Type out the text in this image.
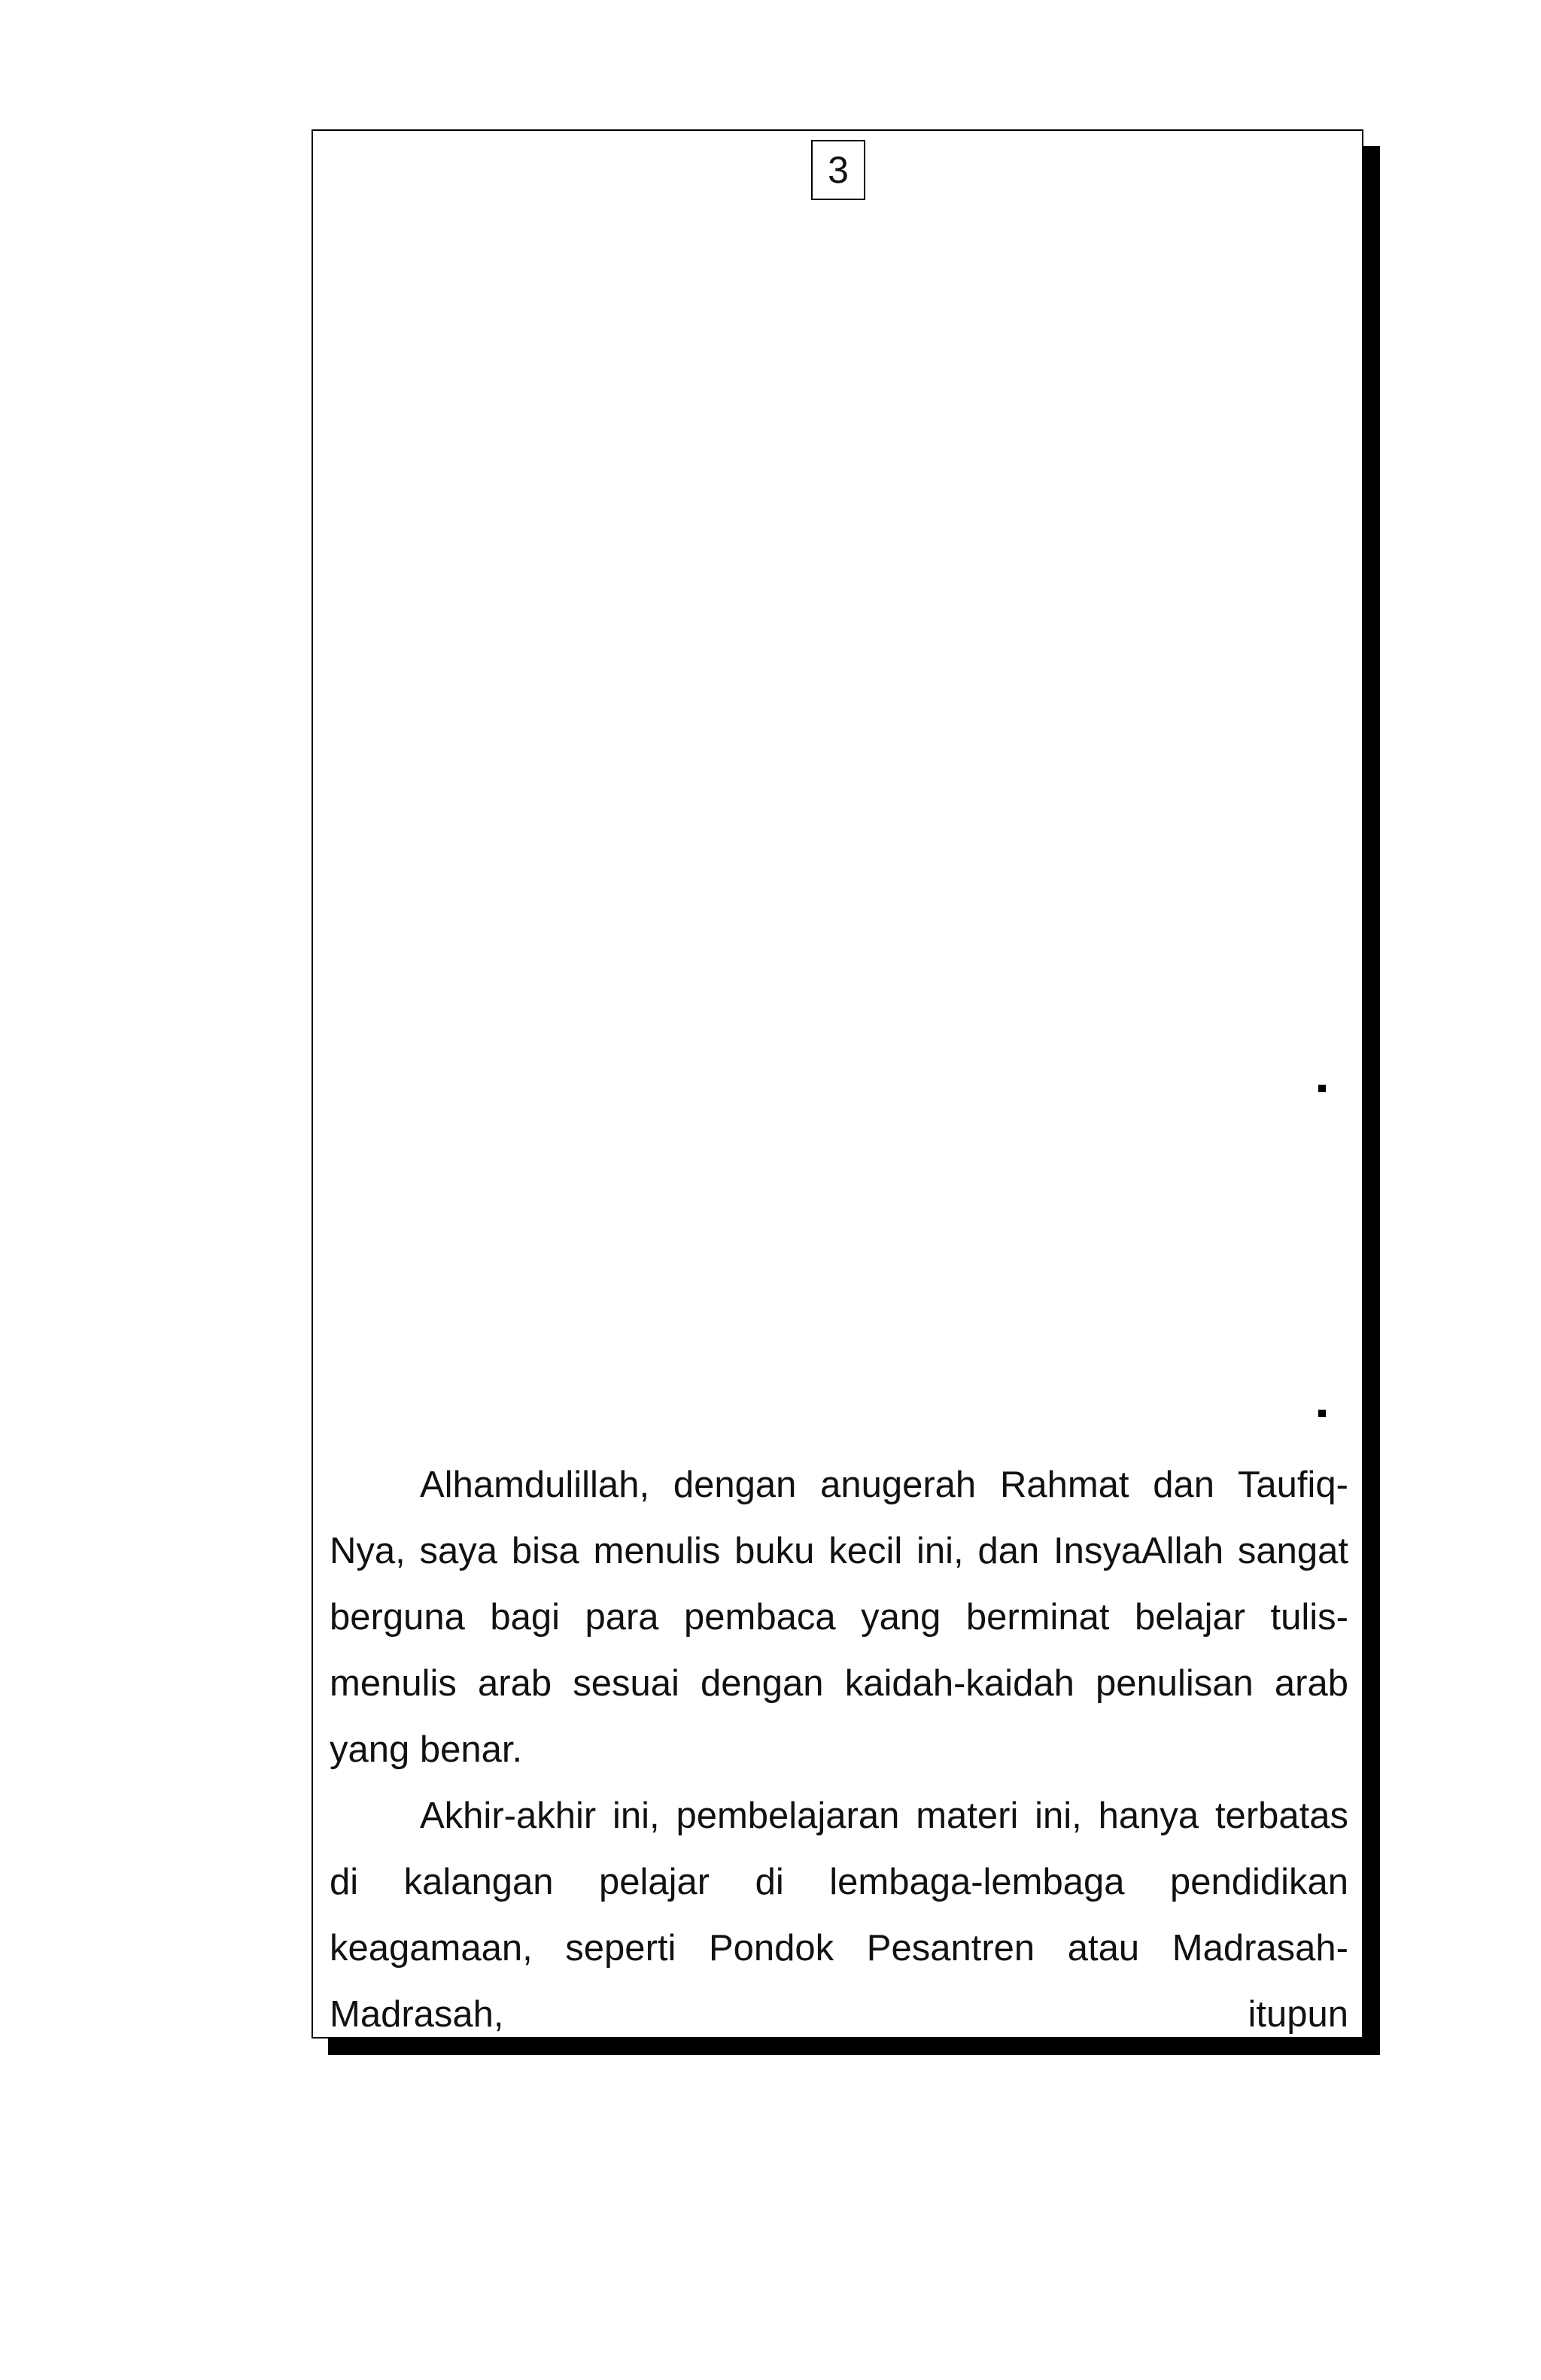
3

Alhamdulillah, dengan anugerah Rahmat dan Taufiq-Nya, saya bisa menulis buku kecil ini, dan InsyaAllah sangat berguna bagi para pembaca yang berminat belajar tulis-menulis arab sesuai dengan kaidah-kaidah penulisan arab yang benar.

Akhir-akhir ini, pembelajaran materi ini, hanya terbatas di kalangan pelajar di lembaga-lembaga pendidikan keagamaan, seperti Pondok Pesantren atau Madrasah-Madrasah, itupun
